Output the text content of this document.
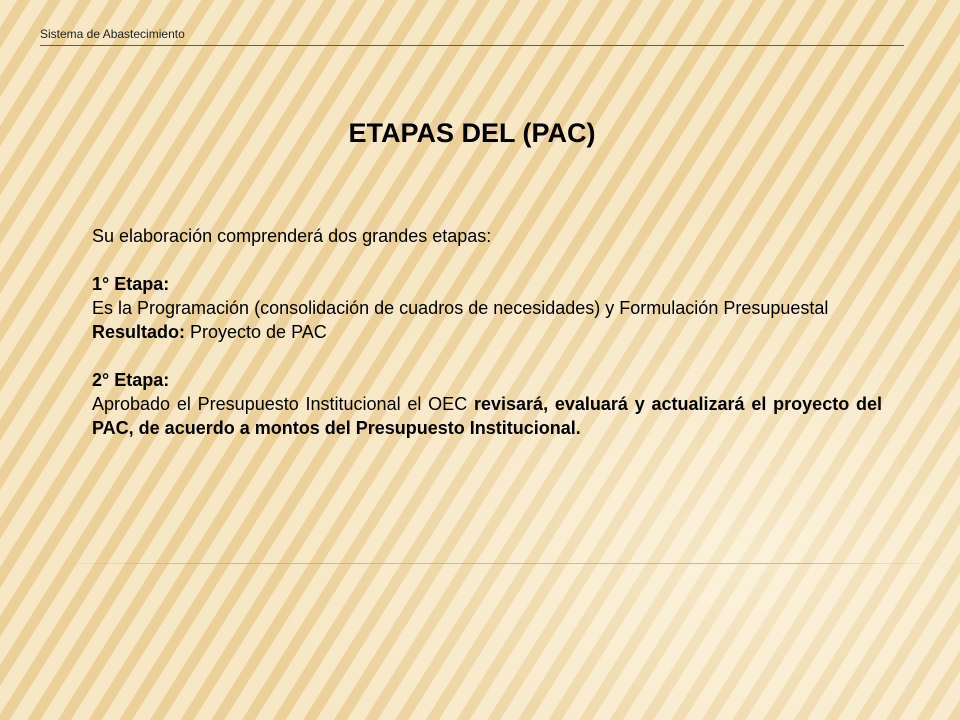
Sistema de Abastecimiento
ETAPAS DEL (PAC)

Su elaboración comprenderá dos grandes etapas:

1° Etapa:

Es la Programación (consolidación de cuadros de necesidades) y Formulación Presupuestal

Resultado: Proyecto de PAC

2° Etapa:

Aprobado el Presupuesto Institucional el OEC revisará, evaluará y actualizará el proyecto del PAC, de acuerdo a montos del Presupuesto Institucional.
